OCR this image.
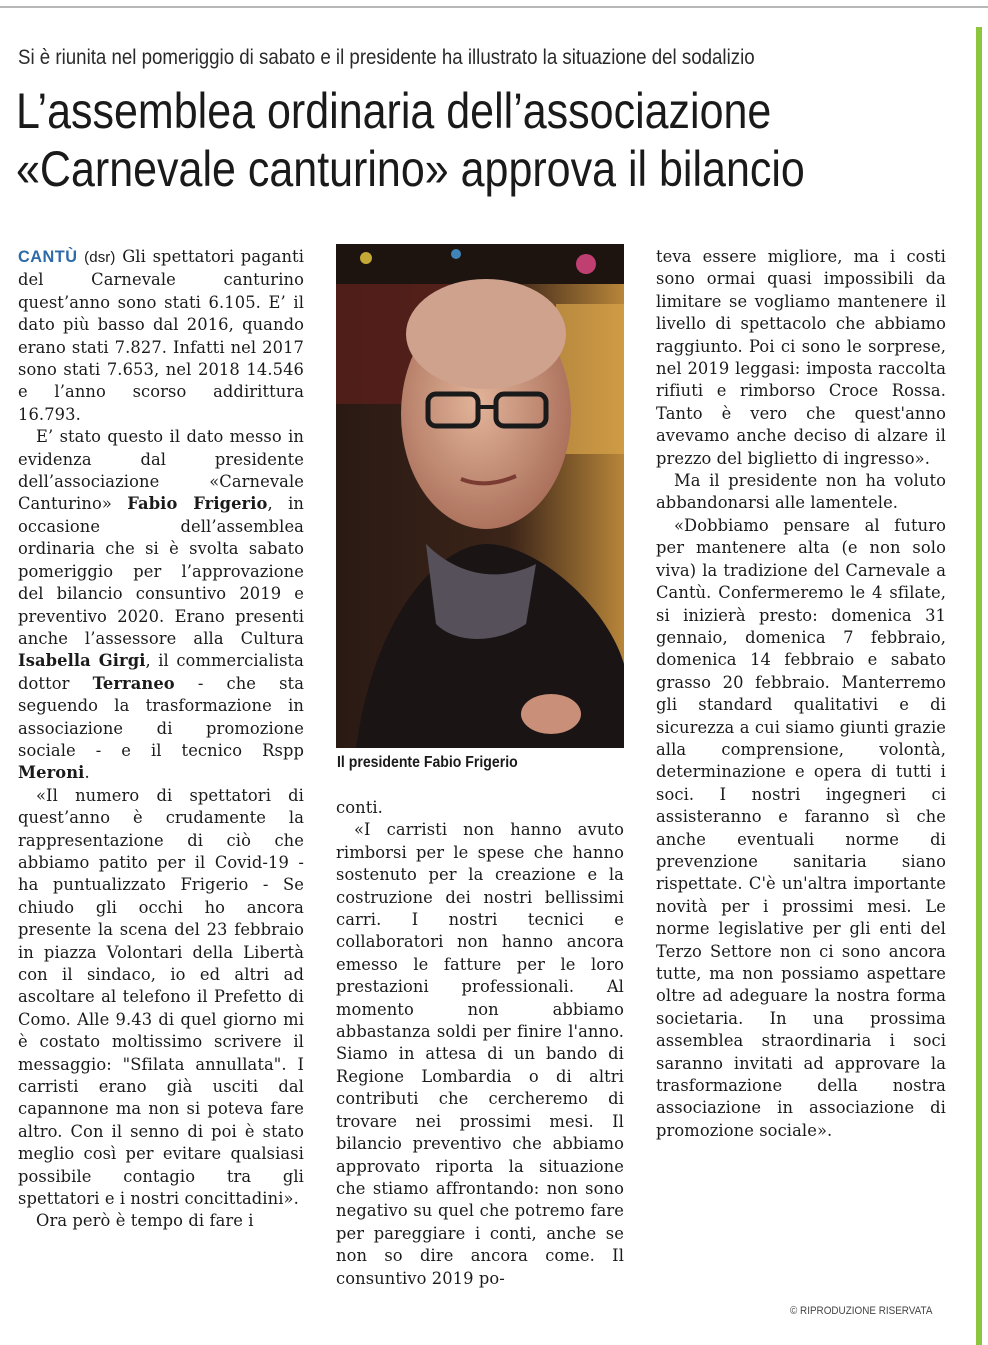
Si è riunita nel pomeriggio di sabato e il presidente ha illustrato la situazione del sodalizio
L’assemblea ordinaria dell’associazione
«Carnevale canturino» approva il bilancio

CANTÙ (dsr) Gli spettatori paganti del Carnevale canturino quest’anno sono stati 6.105. E’ il dato più basso dal 2016, quando erano stati 7.827. Infatti nel 2017 sono stati 7.653, nel 2018 14.546 e l’anno scorso addirittura 16.793.

E’ stato questo il dato messo in evidenza dal presidente dell’associazione «Carnevale Canturino» Fabio Frigerio, in occasione dell’assemblea ordinaria che si è svolta sabato pomeriggio per l’approvazione del bilancio consuntivo 2019 e preventivo 2020. Erano presenti anche l’assessore alla Cultura Isabella Girgi, il commercialista dottor Terraneo - che sta seguendo la trasformazione in associazione di promozione sociale - e il tecnico Rspp Meroni.

«Il numero di spettatori di quest’anno è crudamente la rappresentazione di ciò che abbiamo patito per il Covid-19 - ha puntualizzato Frigerio - Se chiudo gli occhi ho ancora presente la scena del 23 febbraio in piazza Volontari della Libertà con il sindaco, io ed altri ad ascoltare al telefono il Prefetto di Como. Alle 9.43 di quel giorno mi è costato moltissimo scrivere il messaggio: "Sfilata annullata". I carristi erano già usciti dal capannone ma non si poteva fare altro. Con il senno di poi è stato meglio così per evitare qualsiasi possibile contagio tra gli spettatori e i nostri concittadini».

Ora però è tempo di fare i

Il presidente Fabio Frigerio

conti.

«I carristi non hanno avuto rimborsi per le spese che hanno sostenuto per la creazione e la costruzione dei nostri bellissimi carri. I nostri tecnici e collaboratori non hanno ancora emesso le fatture per le loro prestazioni professionali. Al momento non abbiamo abbastanza soldi per finire l'anno. Siamo in attesa di un bando di Regione Lombardia o di altri contributi che cercheremo di trovare nei prossimi mesi. Il bilancio preventivo che abbiamo approvato riporta la situazione che stiamo affrontando: non sono negativo su quel che potremo fare per pareggiare i conti, anche se non so dire ancora come. Il consuntivo 2019 po-

teva essere migliore, ma i costi sono ormai quasi impossibili da limitare se vogliamo mantenere il livello di spettacolo che abbiamo raggiunto. Poi ci sono le sorprese, nel 2019 leggasi: imposta raccolta rifiuti e rimborso Croce Rossa. Tanto è vero che quest'anno avevamo anche deciso di alzare il prezzo del biglietto di ingresso».

Ma il presidente non ha voluto abbandonarsi alle lamentele.

«Dobbiamo pensare al futuro per mantenere alta (e non solo viva) la tradizione del Carnevale a Cantù. Confermeremo le 4 sfilate, si inizierà presto: domenica 31 gennaio, domenica 7 febbraio, domenica 14 febbraio e sabato grasso 20 febbraio. Manterremo gli standard qualitativi e di sicurezza a cui siamo giunti grazie alla comprensione, volontà, determinazione e opera di tutti i soci. I nostri ingegneri ci assisteranno e faranno sì che anche eventuali norme di prevenzione sanitaria siano rispettate. C'è un'altra importante novità per i prossimi mesi. Le norme legislative per gli enti del Terzo Settore non ci sono ancora tutte, ma non possiamo aspettare oltre ad adeguare la nostra forma societaria. In una prossima assemblea straordinaria i soci saranno invitati ad approvare la trasformazione della nostra associazione in associazione di promozione sociale».

© RIPRODUZIONE RISERVATA
